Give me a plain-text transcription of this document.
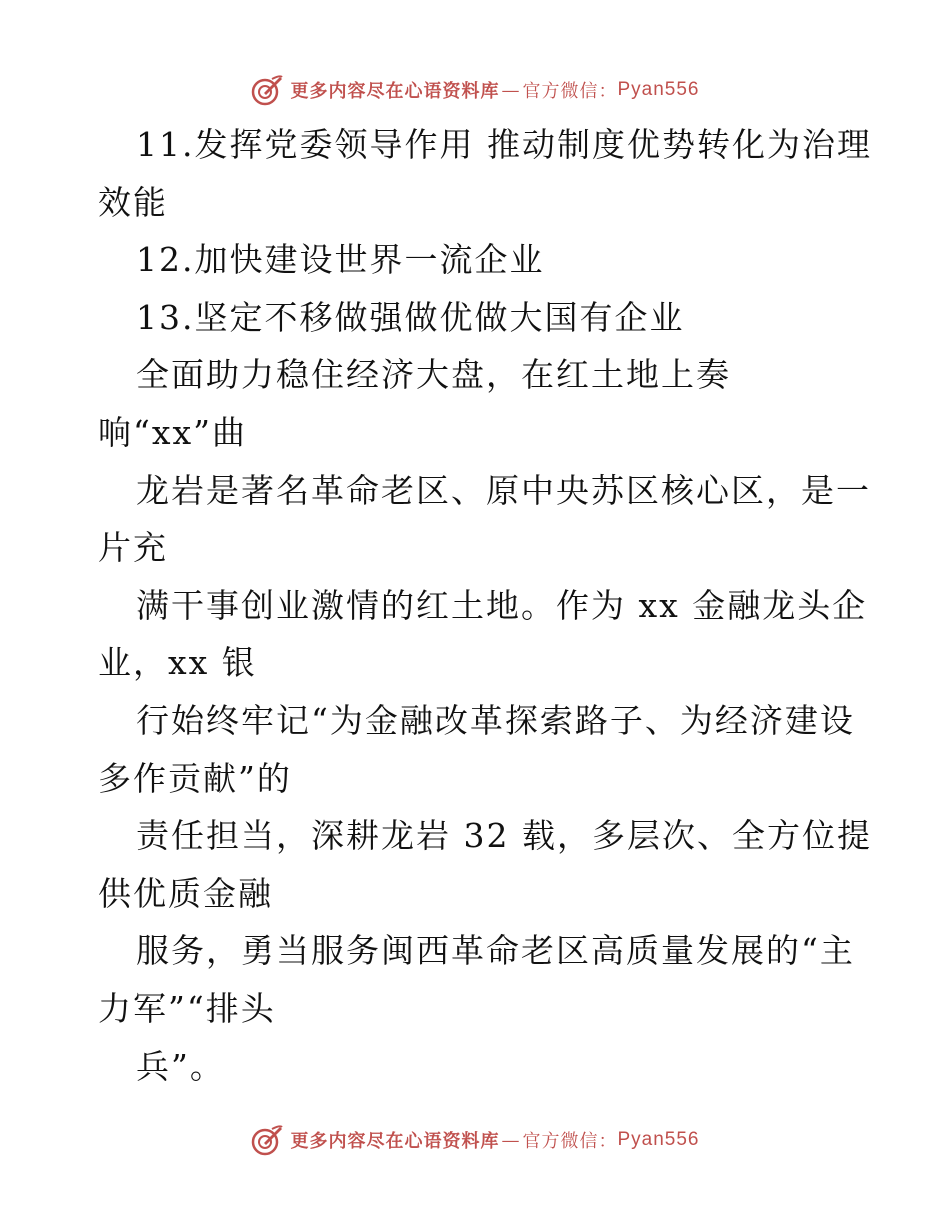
更多内容尽在心语资料库 — 官方微信： Pyan556
11.发挥党委领导作用 推动制度优势转化为治理
效能
12.加快建设世界一流企业
13.坚定不移做强做优做大国有企业
全面助力稳住经济大盘，在红土地上奏
响“xx”曲
龙岩是著名革命老区、原中央苏区核心区，是一
片充
满干事创业激情的红土地。作为 xx 金融龙头企
业，xx 银
行始终牢记“为金融改革探索路子、为经济建设
多作贡献”的
责任担当，深耕龙岩 32 载，多层次、全方位提
供优质金融
服务，勇当服务闽西革命老区高质量发展的“主
力军”“排头
兵”。
更多内容尽在心语资料库 — 官方微信： Pyan556
